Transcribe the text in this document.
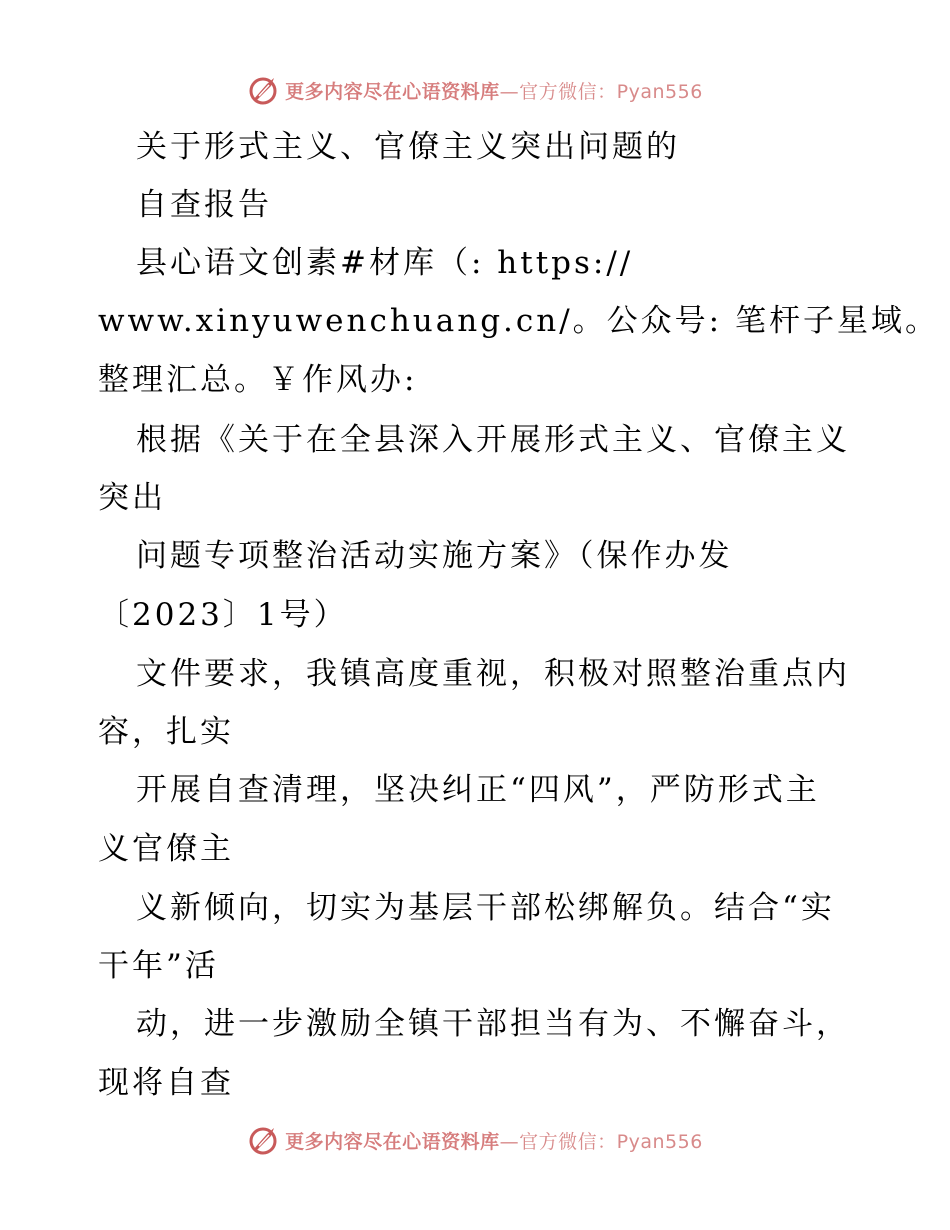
更多内容尽在心语资料库—官方微信：Pyan556
关于形式主义、官僚主义突出问题的
自查报告
县心语文创素#材库（: https://
www.xinyuwenchuang.cn/。公众号: 笔杆子星域。
整理汇总。￥作风办:
根据《关于在全县深入开展形式主义、官僚主义
突出
问题专项整治活动实施方案》（保作办发
〔2023〕1号）
文件要求，我镇高度重视，积极对照整治重点内
容，扎实
开展自查清理，坚决纠正“四风”，严防形式主
义官僚主
义新倾向，切实为基层干部松绑解负。结合“实
干年”活
动，进一步激励全镇干部担当有为、不懈奋斗，
现将自查
更多内容尽在心语资料库—官方微信：Pyan556
